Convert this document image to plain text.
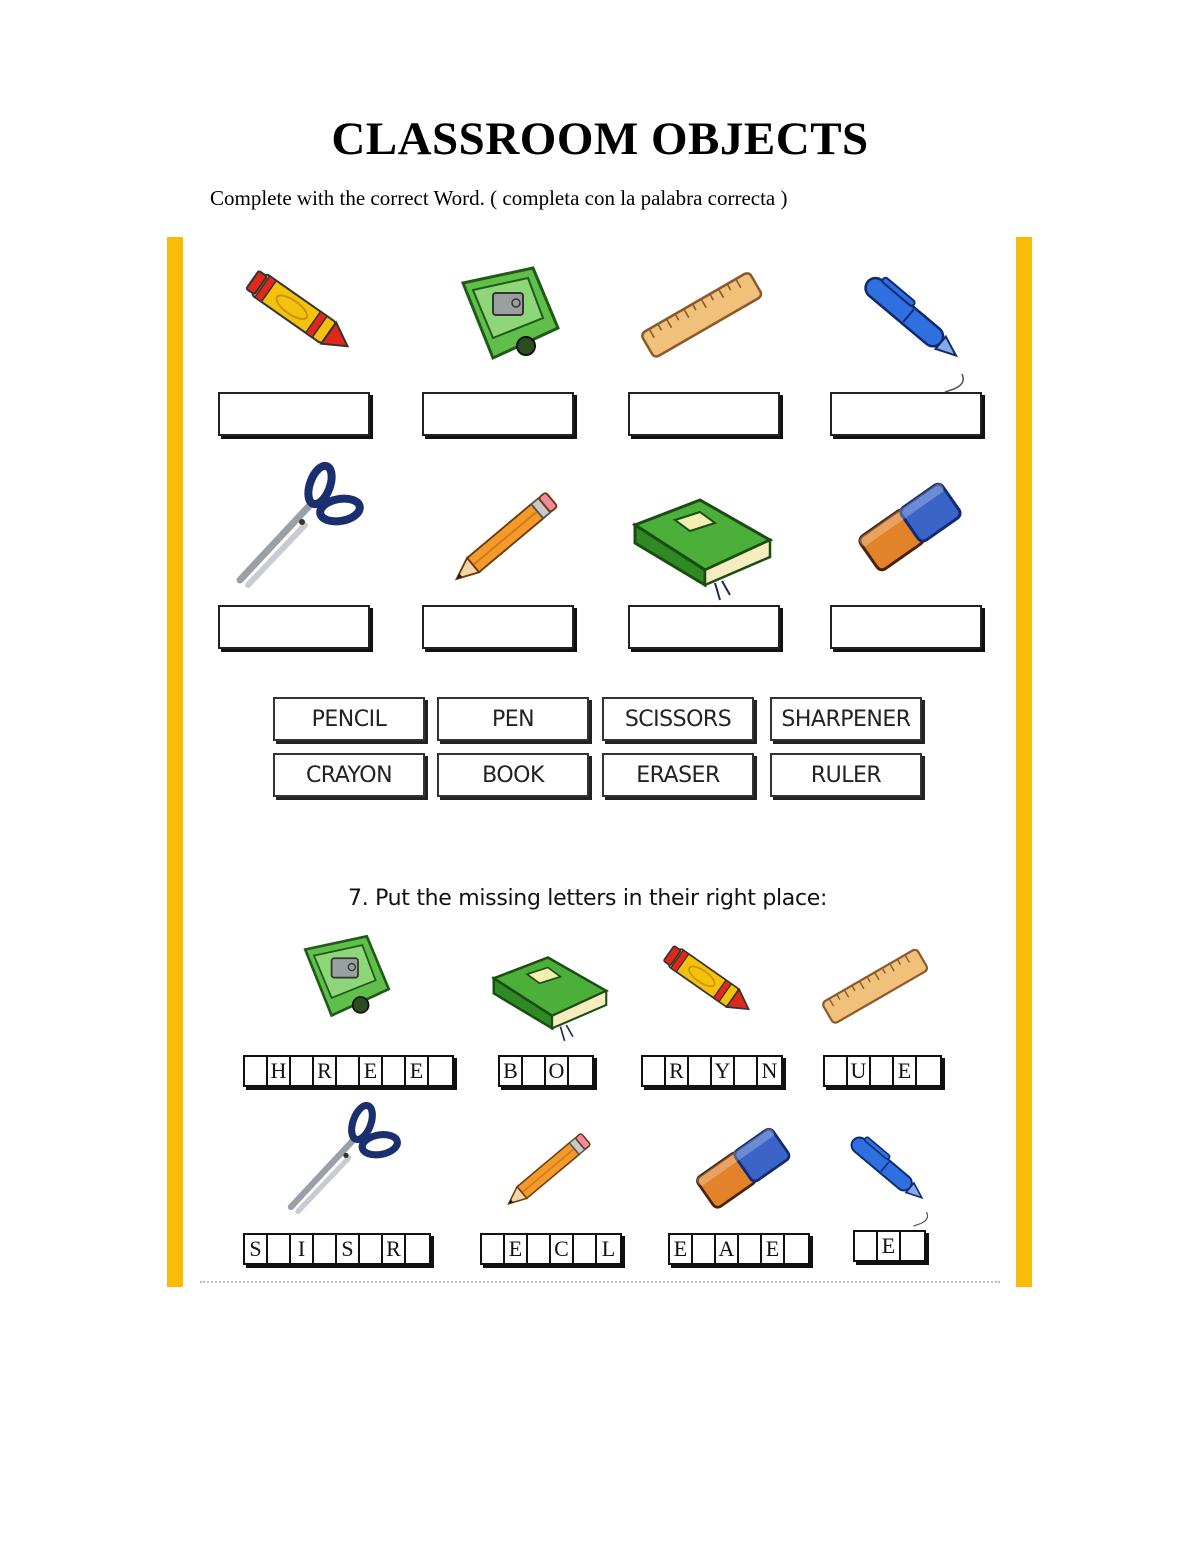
CLASSROOM OBJECTS
Complete with the correct Word. ( completa con la palabra correcta )
PENCIL	PEN	SCISSORS	SHARPENER
CRAYON	BOOK	ERASER	RULER
7. Put the missing letters in their right place:
H R E E	B O	R Y N	U E
S	I	S R	E C L	E A E	E
